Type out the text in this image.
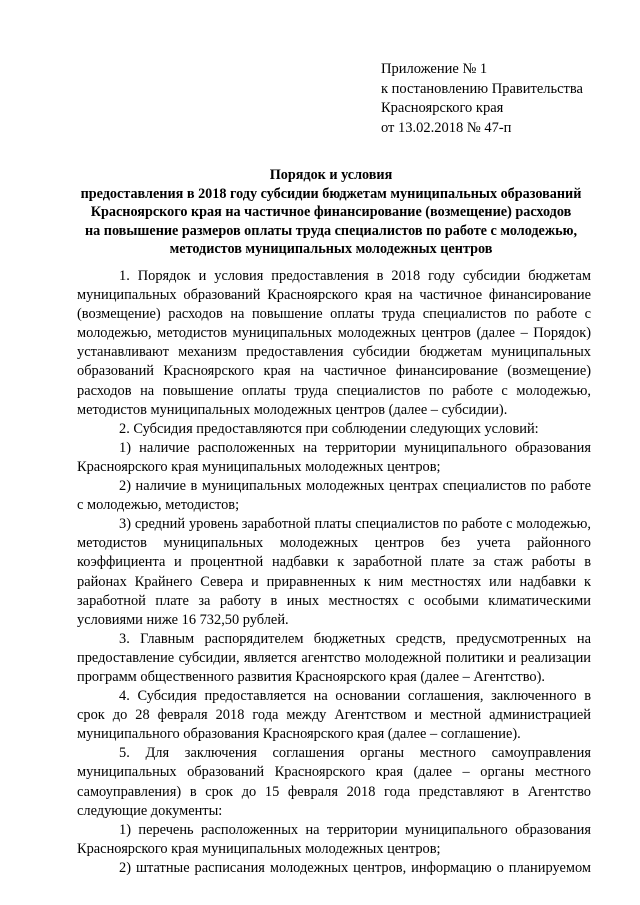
Приложение № 1
к постановлению Правительства
Красноярского края
от 13.02.2018 № 47-п
Порядок и условия
предоставления в 2018 году субсидии бюджетам муниципальных образований
Красноярского края на частичное финансирование (возмещение) расходов
на повышение размеров оплаты труда специалистов по работе с молодежью,
методистов муниципальных молодежных центров

1. Порядок и условия предоставления в 2018 году субсидии бюджетам муниципальных образований Красноярского края на частичное финансирование (возмещение) расходов на повышение оплаты труда специалистов по работе с молодежью, методистов муниципальных молодежных центров (далее – Порядок) устанавливают механизм предоставления субсидии бюджетам муниципальных образований Красноярского края на частичное финансирование (возмещение) расходов на повышение оплаты труда специалистов по работе с молодежью, методистов муниципальных молодежных центров (далее – субсидии).

2. Субсидия предоставляются при соблюдении следующих условий:

1) наличие расположенных на территории муниципального образования Красноярского края муниципальных молодежных центров;

2) наличие в муниципальных молодежных центрах специалистов по работе с молодежью, методистов;

3) средний уровень заработной платы специалистов по работе с молодежью, методистов муниципальных молодежных центров без учета районного коэффициента и процентной надбавки к заработной плате за стаж работы в районах Крайнего Севера и приравненных к ним местностях или надбавки к заработной плате за работу в иных местностях с особыми климатическими условиями ниже 16 732,50 рублей.

3. Главным распорядителем бюджетных средств, предусмотренных на предоставление субсидии, является агентство молодежной политики и реализации программ общественного развития Красноярского края (далее – Агентство).

4. Субсидия предоставляется на основании соглашения, заключенного в срок до 28 февраля 2018 года между Агентством и местной администрацией муниципального образования Красноярского края (далее – соглашение).

5. Для заключения соглашения органы местного самоуправления муниципальных образований Красноярского края (далее – органы местного самоуправления) в срок до 15 февраля 2018 года представляют в Агентство следующие документы:

1) перечень расположенных на территории муниципального образования Красноярского края муниципальных молодежных центров;

2) штатные расписания молодежных центров, информацию о планируемом
